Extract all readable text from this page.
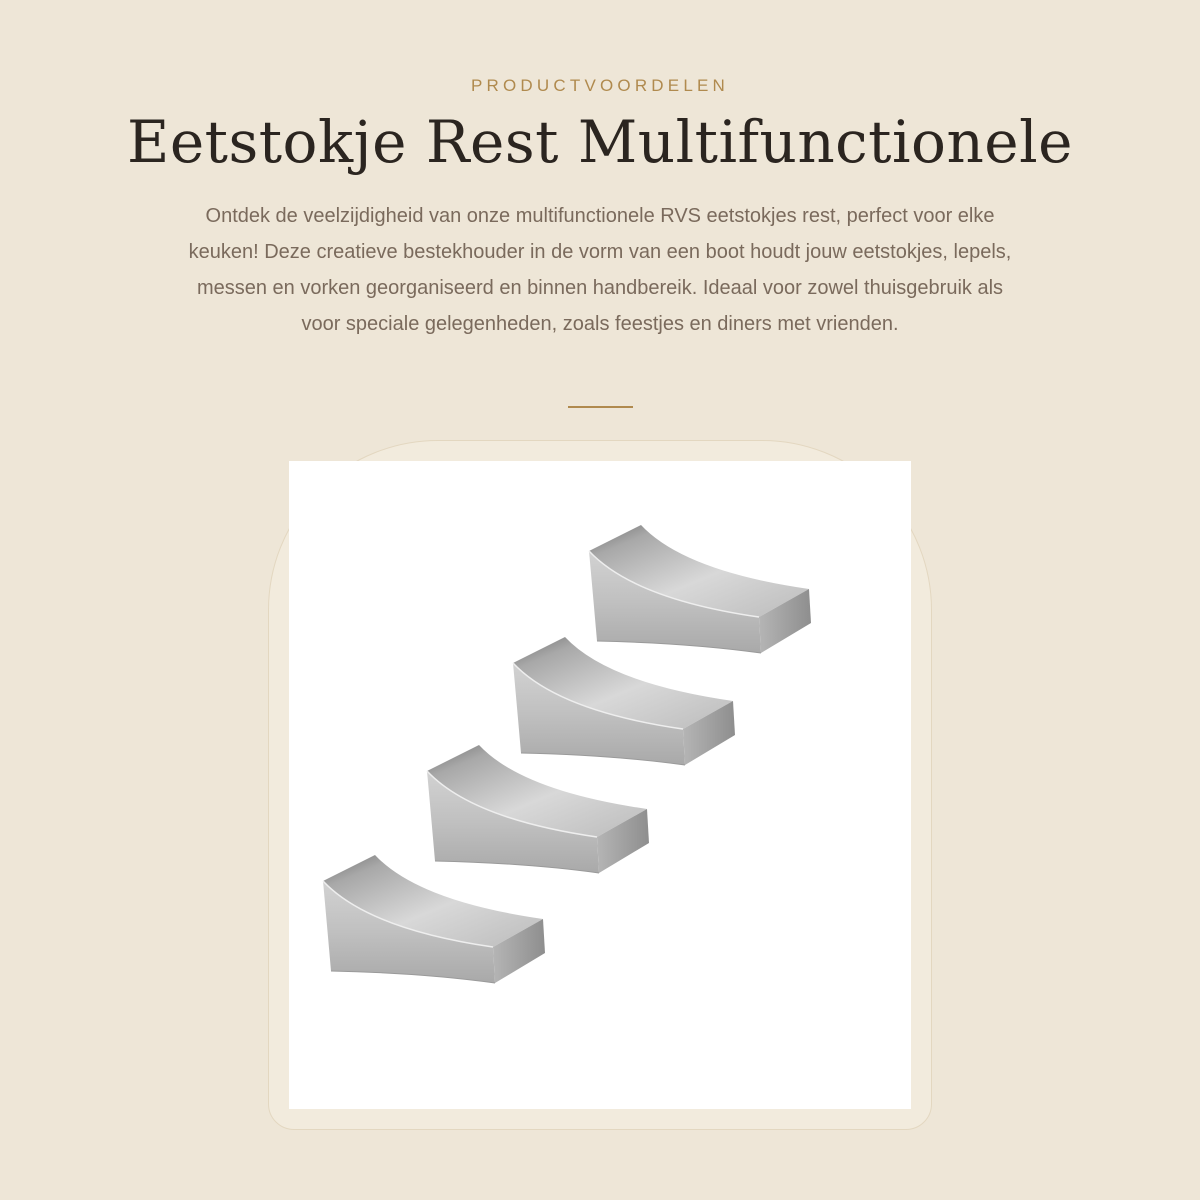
PRODUCTVOORDELEN
Eetstokje Rest Multifunctionele

Ontdek de veelzijdigheid van onze multifunctionele RVS eetstokjes rest, perfect voor elke keuken! Deze creatieve bestekhouder in de vorm van een boot houdt jouw eetstokjes, lepels, messen en vorken georganiseerd en binnen handbereik. Ideaal voor zowel thuisgebruik als voor speciale gelegenheden, zoals feestjes en diners met vrienden.
